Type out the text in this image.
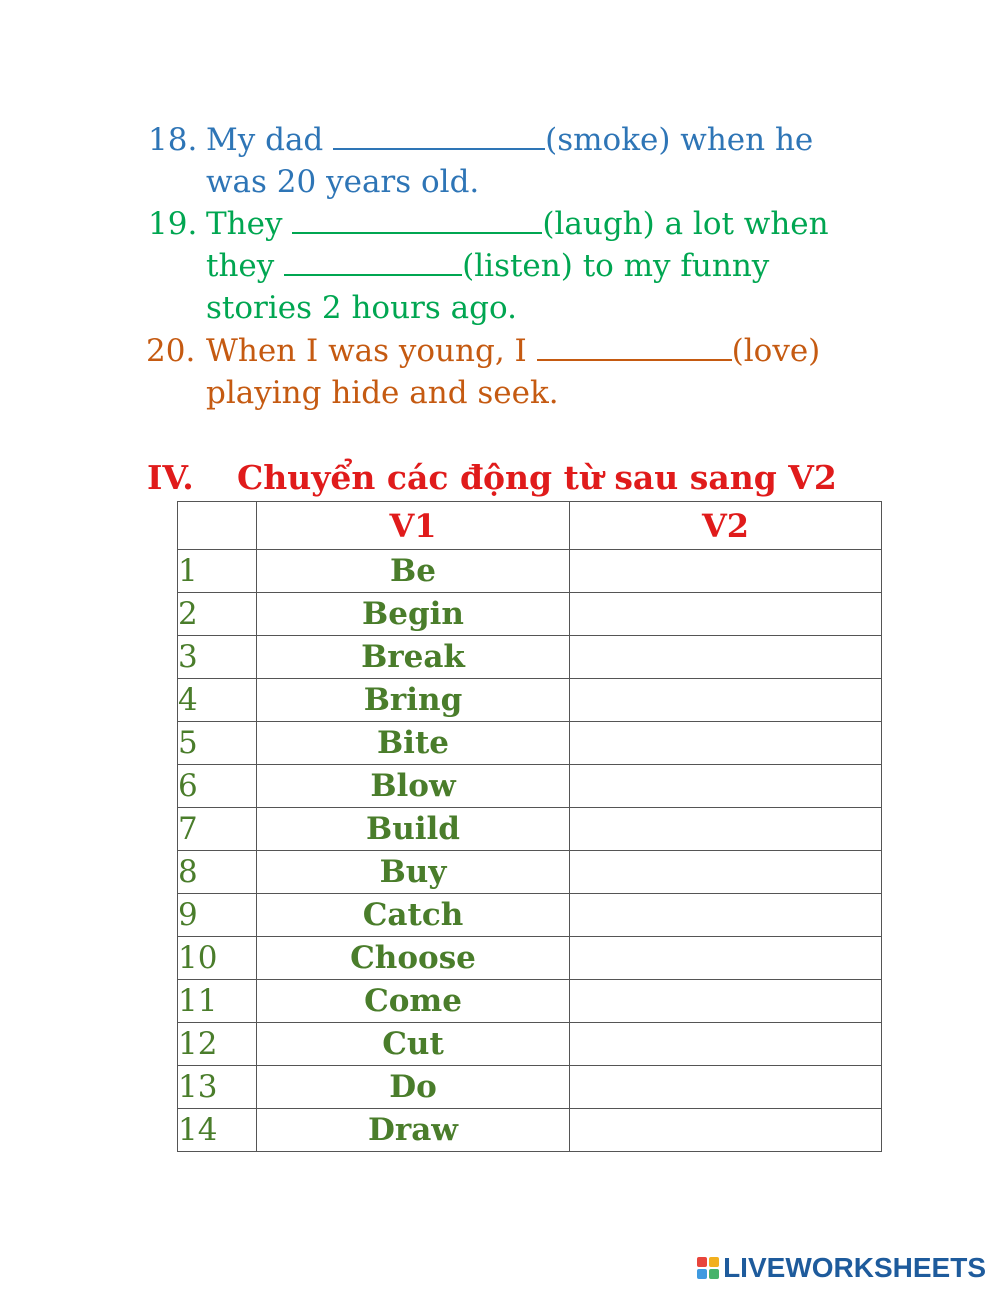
18. My dad	(smoke) when he
was 20 years old.
19. They	(laugh) a lot when
they	(listen) to my funny
stories 2 hours ago.
20. When I was young, I	(love)
playing hide and seek.
IV. Chuyển các động từ sau sang V2
	V1	V2
1	Be	
2	Begin	
3	Break	
4	Bring	
5	Bite	
6	Blow	
7	Build	
8	Buy	
9	Catch	
10	Choose	
11	Come	
12	Cut	
13	Do	
14	Draw	
LIVEWORKSHEETS
